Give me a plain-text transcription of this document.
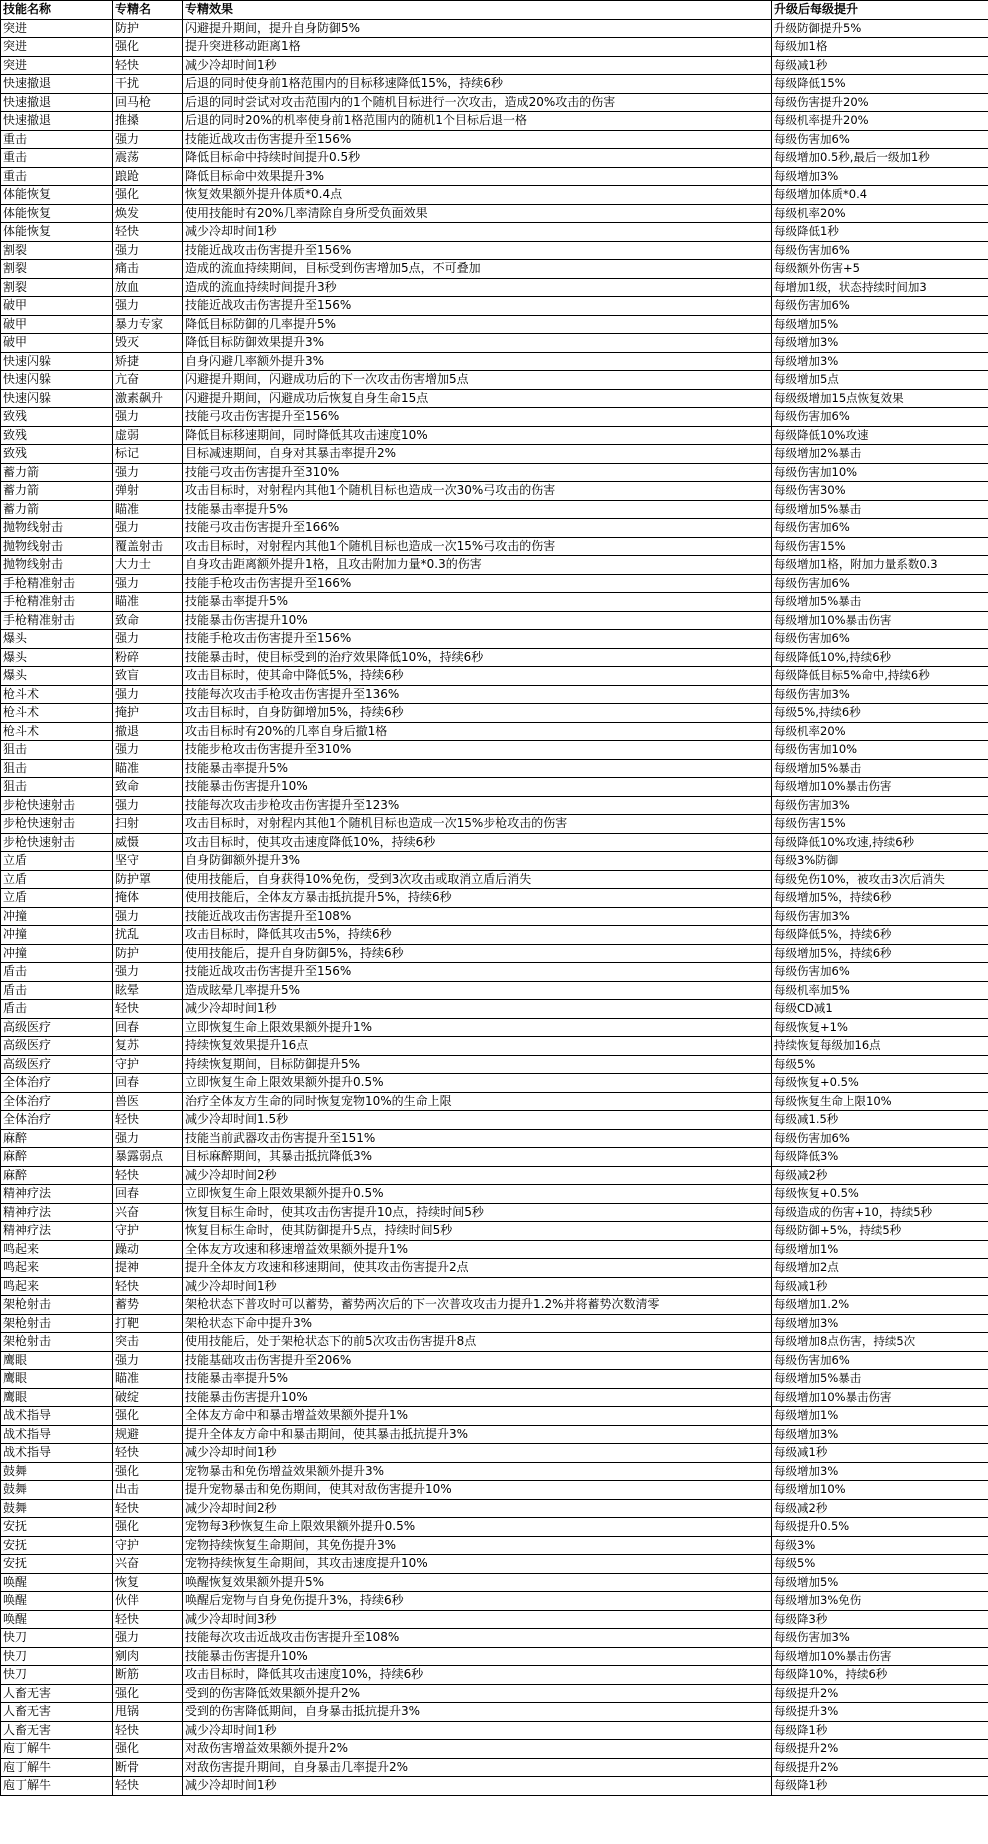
技能名称	专精名	专精效果	升级后每级提升
突进	防护	闪避提升期间，提升自身防御5%	升级防御提升5%
突进	强化	提升突进移动距离1格	每级加1格
突进	轻快	减少冷却时间1秒	每级减1秒
快速撤退	干扰	后退的同时使身前1格范围内的目标移速降低15%，持续6秒	每级降低15%
快速撤退	回马枪	后退的同时尝试对攻击范围内的1个随机目标进行一次攻击，造成20%攻击的伤害	每级伤害提升20%
快速撤退	推搡	后退的同时20%的机率使身前1格范围内的随机1个目标后退一格	每级机率提升20%
重击	强力	技能近战攻击伤害提升至156%	每级伤害加6%
重击	震荡	降低目标命中持续时间提升0.5秒	每级增加0.5秒,最后一级加1秒
重击	踉跄	降低目标命中效果提升3%	每级增加3%
体能恢复	强化	恢复效果额外提升体质*0.4点	每级增加体质*0.4
体能恢复	焕发	使用技能时有20%几率清除自身所受负面效果	每级机率20%
体能恢复	轻快	减少冷却时间1秒	每级降低1秒
割裂	强力	技能近战攻击伤害提升至156%	每级伤害加6%
割裂	痛击	造成的流血持续期间，目标受到伤害增加5点，不可叠加	每级额外伤害+5
割裂	放血	造成的流血持续时间提升3秒	每增加1级，状态持续时间加3
破甲	强力	技能近战攻击伤害提升至156%	每级伤害加6%
破甲	暴力专家	降低目标防御的几率提升5%	每级增加5%
破甲	毁灭	降低目标防御效果提升3%	每级增加3%
快速闪躲	矫捷	自身闪避几率额外提升3%	每级增加3%
快速闪躲	亢奋	闪避提升期间，闪避成功后的下一次攻击伤害增加5点	每级增加5点
快速闪躲	激素飙升	闪避提升期间，闪避成功后恢复自身生命15点	每级级增加15点恢复效果
致残	强力	技能弓攻击伤害提升至156%	每级伤害加6%
致残	虚弱	降低目标移速期间，同时降低其攻击速度10%	每级降低10%攻速
致残	标记	目标减速期间，自身对其暴击率提升2%	每级增加2%暴击
蓄力箭	强力	技能弓攻击伤害提升至310%	每级伤害加10%
蓄力箭	弹射	攻击目标时，对射程内其他1个随机目标也造成一次30%弓攻击的伤害	每级伤害30%
蓄力箭	瞄准	技能暴击率提升5%	每级增加5%暴击
抛物线射击	强力	技能弓攻击伤害提升至166%	每级伤害加6%
抛物线射击	覆盖射击	攻击目标时，对射程内其他1个随机目标也造成一次15%弓攻击的伤害	每级伤害15%
抛物线射击	大力士	自身攻击距离额外提升1格，且攻击附加力量*0.3的伤害	每级增加1格，附加力量系数0.3
手枪精准射击	强力	技能手枪攻击伤害提升至166%	每级伤害加6%
手枪精准射击	瞄准	技能暴击率提升5%	每级增加5%暴击
手枪精准射击	致命	技能暴击伤害提升10%	每级增加10%暴击伤害
爆头	强力	技能手枪攻击伤害提升至156%	每级伤害加6%
爆头	粉碎	技能暴击时，使目标受到的治疗效果降低10%，持续6秒	每级降低10%,持续6秒
爆头	致盲	攻击目标时，使其命中降低5%，持续6秒	每级降低目标5%命中,持续6秒
枪斗术	强力	技能每次攻击手枪攻击伤害提升至136%	每级伤害加3%
枪斗术	掩护	攻击目标时，自身防御增加5%，持续6秒	每级5%,持续6秒
枪斗术	撤退	攻击目标时有20%的几率自身后撤1格	每级机率20%
狙击	强力	技能步枪攻击伤害提升至310%	每级伤害加10%
狙击	瞄准	技能暴击率提升5%	每级增加5%暴击
狙击	致命	技能暴击伤害提升10%	每级增加10%暴击伤害
步枪快速射击	强力	技能每次攻击步枪攻击伤害提升至123%	每级伤害加3%
步枪快速射击	扫射	攻击目标时，对射程内其他1个随机目标也造成一次15%步枪攻击的伤害	每级伤害15%
步枪快速射击	威慑	攻击目标时，使其攻击速度降低10%，持续6秒	每级降低10%攻速,持续6秒
立盾	坚守	自身防御额外提升3%	每级3%防御
立盾	防护罩	使用技能后，自身获得10%免伤，受到3次攻击或取消立盾后消失	每级免伤10%，被攻击3次后消失
立盾	掩体	使用技能后，全体友方暴击抵抗提升5%，持续6秒	每级增加5%，持续6秒
冲撞	强力	技能近战攻击伤害提升至108%	每级伤害加3%
冲撞	扰乱	攻击目标时，降低其攻击5%，持续6秒	每级降低5%，持续6秒
冲撞	防护	使用技能后，提升自身防御5%，持续6秒	每级增加5%，持续6秒
盾击	强力	技能近战攻击伤害提升至156%	每级伤害加6%
盾击	眩晕	造成眩晕几率提升5%	每级机率加5%
盾击	轻快	减少冷却时间1秒	每级CD减1
高级医疗	回春	立即恢复生命上限效果额外提升1%	每级恢复+1%
高级医疗	复苏	持续恢复效果提升16点	持续恢复每级加16点
高级医疗	守护	持续恢复期间，目标防御提升5%	每级5%
全体治疗	回春	立即恢复生命上限效果额外提升0.5%	每级恢复+0.5%
全体治疗	兽医	治疗全体友方生命的同时恢复宠物10%的生命上限	每级恢复生命上限10%
全体治疗	轻快	减少冷却时间1.5秒	每级减1.5秒
麻醉	强力	技能当前武器攻击伤害提升至151%	每级伤害加6%
麻醉	暴露弱点	目标麻醉期间，其暴击抵抗降低3%	每级降低3%
麻醉	轻快	减少冷却时间2秒	每级减2秒
精神疗法	回春	立即恢复生命上限效果额外提升0.5%	每级恢复+0.5%
精神疗法	兴奋	恢复目标生命时，使其攻击伤害提升10点，持续时间5秒	每级造成的伤害+10，持续5秒
精神疗法	守护	恢复目标生命时，使其防御提升5点，持续时间5秒	每级防御+5%，持续5秒
鸣起来	躁动	全体友方攻速和移速增益效果额外提升1%	每级增加1%
鸣起来	提神	提升全体友方攻速和移速期间，使其攻击伤害提升2点	每级增加2点
鸣起来	轻快	减少冷却时间1秒	每级减1秒
架枪射击	蓄势	架枪状态下普攻时可以蓄势，蓄势两次后的下一次普攻攻击力提升1.2%并将蓄势次数清零	每级增加1.2%
架枪射击	打靶	架枪状态下命中提升3%	每级增加3%
架枪射击	突击	使用技能后，处于架枪状态下的前5次攻击伤害提升8点	每级增加8点伤害，持续5次
鹰眼	强力	技能基础攻击伤害提升至206%	每级伤害加6%
鹰眼	瞄准	技能暴击率提升5%	每级增加5%暴击
鹰眼	破绽	技能暴击伤害提升10%	每级增加10%暴击伤害
战术指导	强化	全体友方命中和暴击增益效果额外提升1%	每级增加1%
战术指导	规避	提升全体友方命中和暴击期间，使其暴击抵抗提升3%	每级增加3%
战术指导	轻快	减少冷却时间1秒	每级减1秒
鼓舞	强化	宠物暴击和免伤增益效果额外提升3%	每级增加3%
鼓舞	出击	提升宠物暴击和免伤期间，使其对敌伤害提升10%	每级增加10%
鼓舞	轻快	减少冷却时间2秒	每级减2秒
安抚	强化	宠物每3秒恢复生命上限效果额外提升0.5%	每级提升0.5%
安抚	守护	宠物持续恢复生命期间，其免伤提升3%	每级3%
安抚	兴奋	宠物持续恢复生命期间，其攻击速度提升10%	每级5%
唤醒	恢复	唤醒恢复效果额外提升5%	每级增加5%
唤醒	伙伴	唤醒后宠物与自身免伤提升3%，持续6秒	每级增加3%免伤
唤醒	轻快	减少冷却时间3秒	每级降3秒
快刀	强力	技能每次攻击近战攻击伤害提升至108%	每级伤害加3%
快刀	剜肉	技能暴击伤害提升10%	每级增加10%暴击伤害
快刀	断筋	攻击目标时，降低其攻击速度10%，持续6秒	每级降10%，持续6秒
人畜无害	强化	受到的伤害降低效果额外提升2%	每级提升2%
人畜无害	甩锅	受到的伤害降低期间，自身暴击抵抗提升3%	每级提升3%
人畜无害	轻快	减少冷却时间1秒	每级降1秒
庖丁解牛	强化	对敌伤害增益效果额外提升2%	每级提升2%
庖丁解牛	断骨	对敌伤害提升期间，自身暴击几率提升2%	每级提升2%
庖丁解牛	轻快	减少冷却时间1秒	每级降1秒
